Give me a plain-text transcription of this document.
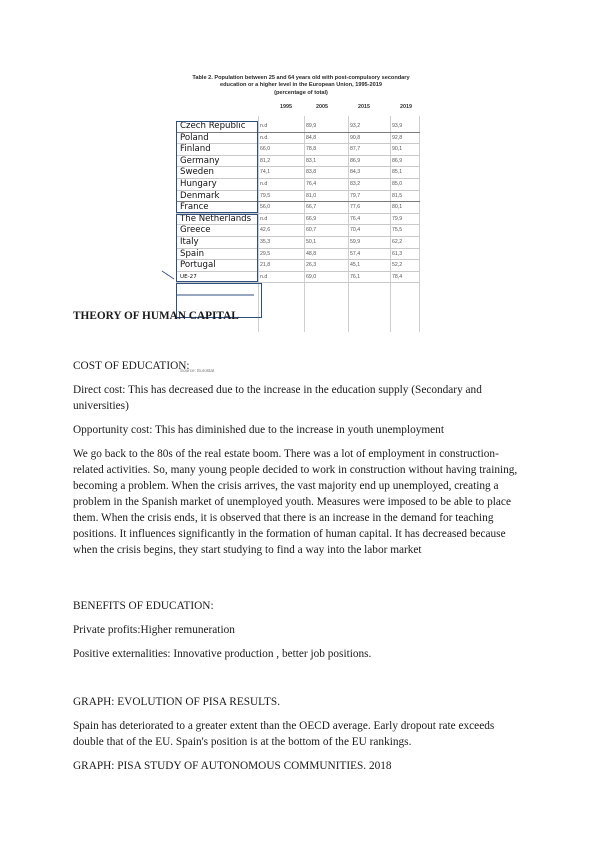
Table 2. Population between 25 and 64 years old with post-compulsory secondary
education or a higher level in the European Union, 1995-2019
(percentage of total)
1995	2005	2015	2019
Czech Republic	n.d	89,9	93,2	93,9
Poland	n.d.	84,8	90,8	92,8
Finland	66,0	78,8	87,7	90,1
Germany	81,2	83,1	86,9	86,9
Sweden	74,1	83,8	84,3	85,1
Hungary	n.d	76,4	83,2	85,0
Denmark	79,5	81,0	79,7	81,5
France	56,0	66,7	77,6	80,1
The Netherlands	n.d	66,9	76,4	79,9
Greece	42,6	60,7	70,4	75,5
Italy	35,3	50,1	59,9	62,2
Spain	29,5	48,8	57,4	61,3
Portugal	21,8	26,3	45,1	52,2
UE-27	n.d	69,0	76,1	78,4
Source: Eurostat

THEORY OF HUMAN CAPITAL

COST OF EDUCATION:

Direct cost: This has decreased due to the increase in the education supply (Secondary and universities)

Opportunity cost: This has diminished due to the increase in youth unemployment

We go back to the 80s of the real estate boom. There was a lot of employment in construction-related activities. So, many young people decided to work in construction without having training, becoming a problem. When the crisis arrives, the vast majority end up unemployed, creating a problem in the Spanish market of unemployed youth. Measures were imposed to be able to place them. When the crisis ends, it is observed that there is an increase in the demand for teaching positions. It influences significantly in the formation of human capital. It has decreased because when the crisis begins, they start studying to find a way into the labor market

BENEFITS OF EDUCATION:

Private profits:Higher remuneration

Positive externalities: Innovative production , better job positions.

GRAPH: EVOLUTION OF PISA RESULTS.

Spain has deteriorated to a greater extent than the OECD average. Early dropout rate exceeds double that of the EU. Spain's position is at the bottom of the EU rankings.

GRAPH: PISA STUDY OF AUTONOMOUS COMMUNITIES. 2018
